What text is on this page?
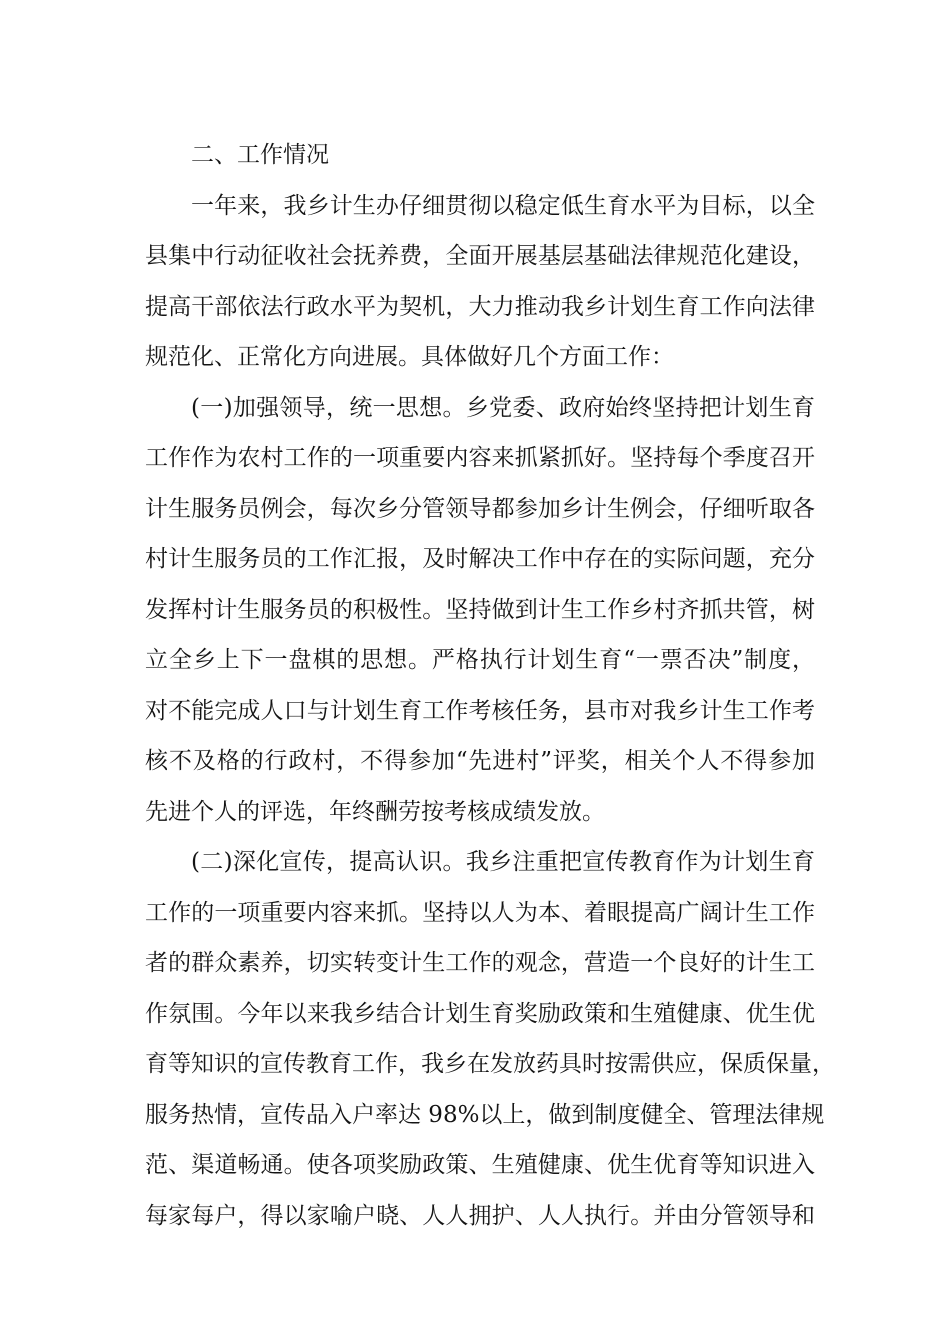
二、工作情况
一年来，我乡计生办仔细贯彻以稳定低生育水平为目标，以全
县集中行动征收社会抚养费，全面开展基层基础法律规范化建设，
提高干部依法行政水平为契机，大力推动我乡计划生育工作向法律
规范化、正常化方向进展。具体做好几个方面工作：
(一)加强领导，统一思想。乡党委、政府始终坚持把计划生育
工作作为农村工作的一项重要内容来抓紧抓好。坚持每个季度召开
计生服务员例会，每次乡分管领导都参加乡计生例会，仔细听取各
村计生服务员的工作汇报，及时解决工作中存在的实际问题，充分
发挥村计生服务员的积极性。坚持做到计生工作乡村齐抓共管，树
立全乡上下一盘棋的思想。严格执行计划生育“一票否决”制度，
对不能完成人口与计划生育工作考核任务，县市对我乡计生工作考
核不及格的行政村，不得参加“先进村”评奖，相关个人不得参加
先进个人的评选，年终酬劳按考核成绩发放。
(二)深化宣传，提高认识。我乡注重把宣传教育作为计划生育
工作的一项重要内容来抓。坚持以人为本、着眼提高广阔计生工作
者的群众素养，切实转变计生工作的观念，营造一个良好的计生工
作氛围。今年以来我乡结合计划生育奖励政策和生殖健康、优生优
育等知识的宣传教育工作，我乡在发放药具时按需供应，保质保量，
服务热情，宣传品入户率达 98%以上，做到制度健全、管理法律规
范、渠道畅通。使各项奖励政策、生殖健康、优生优育等知识进入
每家每户，得以家喻户晓、人人拥护、人人执行。并由分管领导和
